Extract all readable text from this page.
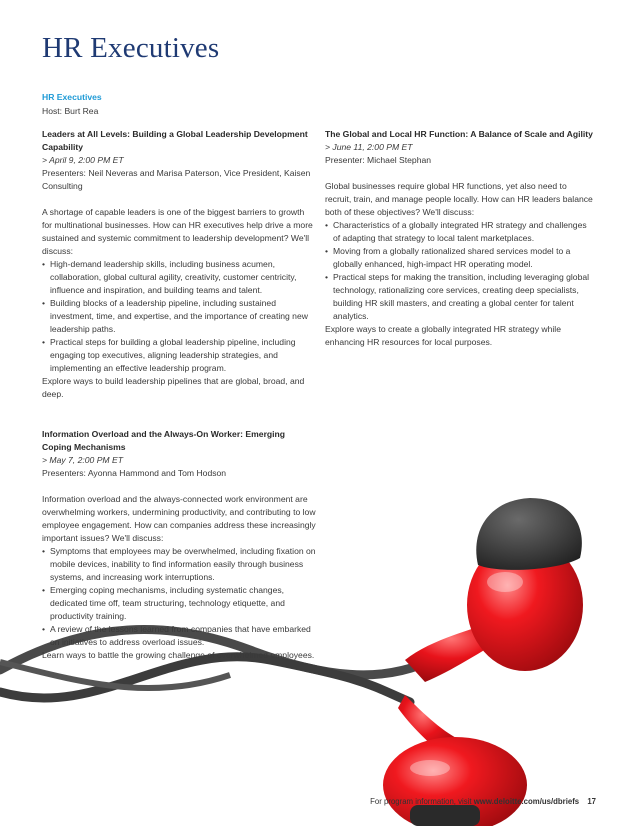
HR Executives
HR Executives
Host: Burt Rea
Leaders at All Levels: Building a Global Leadership Development Capability
> April 9, 2:00 PM ET
Presenters: Neil Neveras and Marisa Paterson, Vice President, Kaisen Consulting
A shortage of capable leaders is one of the biggest barriers to growth for multinational businesses. How can HR executives help drive a more sustained and systemic commitment to leadership development? We'll discuss:
• High-demand leadership skills, including business acumen, collaboration, global cultural agility, creativity, customer centricity, influence and inspiration, and building teams and talent.
• Building blocks of a leadership pipeline, including sustained investment, time, and expertise, and the importance of creating new leadership paths.
• Practical steps for building a global leadership pipeline, including engaging top executives, aligning leadership strategies, and implementing an effective leadership program.
Explore ways to build leadership pipelines that are global, broad, and deep.
Information Overload and the Always-On Worker: Emerging Coping Mechanisms
> May 7, 2:00 PM ET
Presenters: Ayonna Hammond and Tom Hodson
Information overload and the always-connected work environment are overwhelming workers, undermining productivity, and contributing to low employee engagement. How can companies address these increasingly important issues? We'll discuss:
• Symptoms that employees may be overwhelmed, including fixation on mobile devices, inability to find information easily through business systems, and increasing work interruptions.
• Emerging coping mechanisms, including systematic changes, dedicated time off, team structuring, technology etiquette, and productivity training.
• A review of the lessons learned from companies that have embarked on initiatives to address overload issues.
Learn ways to battle the growing challenge of overwhelmed employees.
The Global and Local HR Function: A Balance of Scale and Agility
> June 11, 2:00 PM ET
Presenter: Michael Stephan
Global businesses require global HR functions, yet also need to recruit, train, and manage people locally. How can HR leaders balance both of these objectives? We'll discuss:
• Characteristics of a globally integrated HR strategy and challenges of adapting that strategy to local talent marketplaces.
• Moving from a globally rationalized shared services model to a globally enhanced, high-impact HR operating model.
• Practical steps for making the transition, including leveraging global technology, rationalizing core services, creating deep specialists, building HR skill masters, and creating a global center for talent analytics.
Explore ways to create a globally integrated HR strategy while enhancing HR resources for local purposes.
For program information, visit www.deloitte.com/us/dbriefs 17
